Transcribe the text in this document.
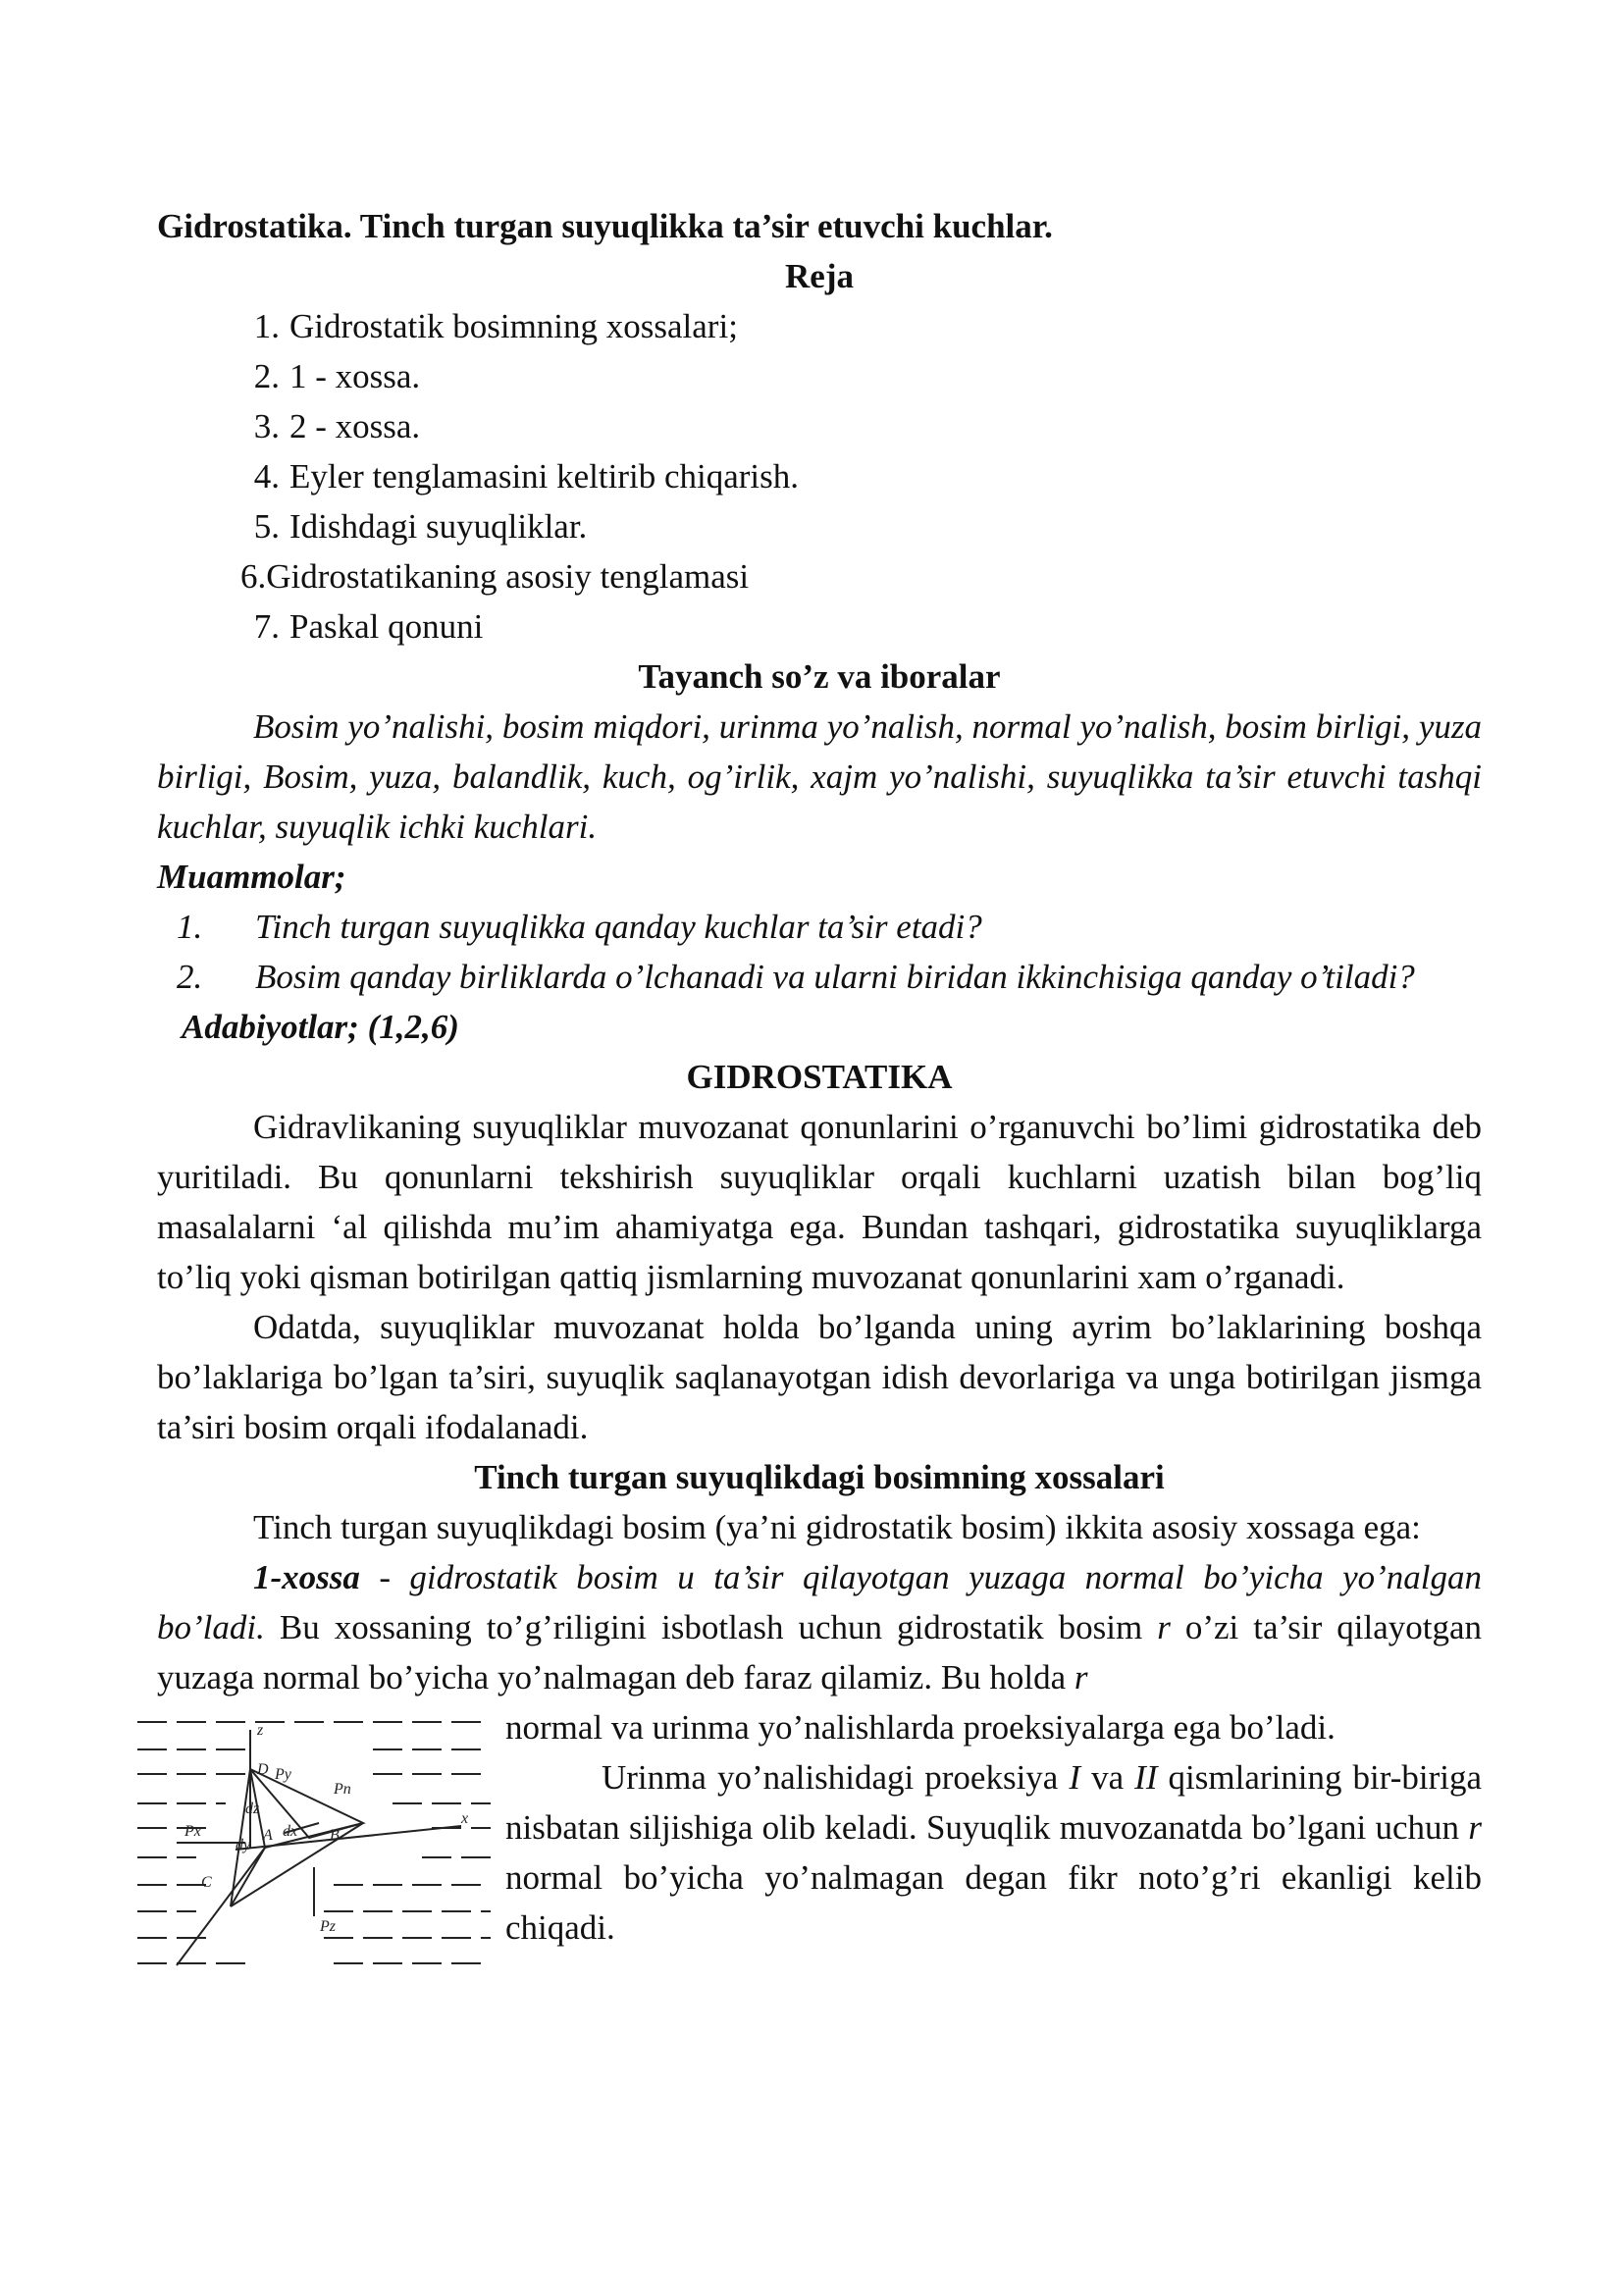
Gidrostatika. Tinch turgan suyuqlikka ta’sir etuvchi kuchlar.
Reja
1. Gidrostatik bosimning xossalari;
2. 1 - xossa.
3. 2 - xossa.
4. Eyler tenglamasini keltirib chiqarish.
5. Idishdagi suyuqliklar.
6.Gidrostatikaning asosiy tenglamasi
7. Paskal qonuni
Tayanch so’z va iboralar
Bosim yo’nalishi, bosim miqdori, urinma yo’nalish, normal yo’nalish, bosim birligi, yuza birligi, Bosim, yuza, balandlik, kuch, og’irlik, xajm yo’nalishi, suyuqlikka ta’sir etuvchi tashqi kuchlar, suyuqlik ichki kuchlari.
Muammolar;
1. Tinch turgan suyuqlikka qanday kuchlar ta’sir etadi?
2. Bosim qanday birliklarda o’lchanadi va ularni biridan ikkinchisiga qanday o’tiladi?
Adabiyotlar; (1,2,6)
GIDROSTATIKA
Gidravlikaning suyuqliklar muvozanat qonunlarini o’rganuvchi bo’limi gidrostatika deb yuritiladi. Bu qonunlarni tekshirish suyuqliklar orqali kuchlarni uzatish bilan bog’liq masalalarni ‘al qilishda mu’im ahamiyatga ega. Bundan tashqari, gidrostatika suyuqliklarga to’liq yoki qisman botirilgan qattiq jismlarning muvozanat qonunlarini xam o’rganadi.
Odatda, suyuqliklar muvozanat holda bo’lganda uning ayrim bo’laklarining boshqa bo’laklariga bo’lgan ta’siri, suyuqlik saqlanayotgan idish devorlariga va unga botirilgan jismga ta’siri bosim orqali ifodalanadi.
Tinch turgan suyuqlikdagi bosimning xossalari
Tinch turgan suyuqlikdagi bosim (ya’ni gidrostatik bosim) ikkita asosiy xossaga ega:
1-xossa - gidrostatik bosim u ta’sir qilayotgan yuzaga normal bo’yicha yo’nalgan bo’ladi. Bu xossaning to’g’riligini isbotlash uchun gidrostatik bosim r o’zi ta’sir qilayotgan yuzaga normal bo’yicha yo’nalmagan deb faraz qilamiz. Bu holda r
z
D Py
Pn
Px	A dx
dy
dz
B
x
C
Pz
normal va urinma yo’nalishlarda proeksiyalarga ega bo’ladi.
Urinma yo’nalishidagi proeksiya I va II qismlarining bir-biriga nisbatan siljishiga olib keladi. Suyuqlik muvozanatda bo’lgani uchun r normal bo’yicha yo’nalmagan degan fikr noto’g’ri ekanligi kelib chiqadi.
